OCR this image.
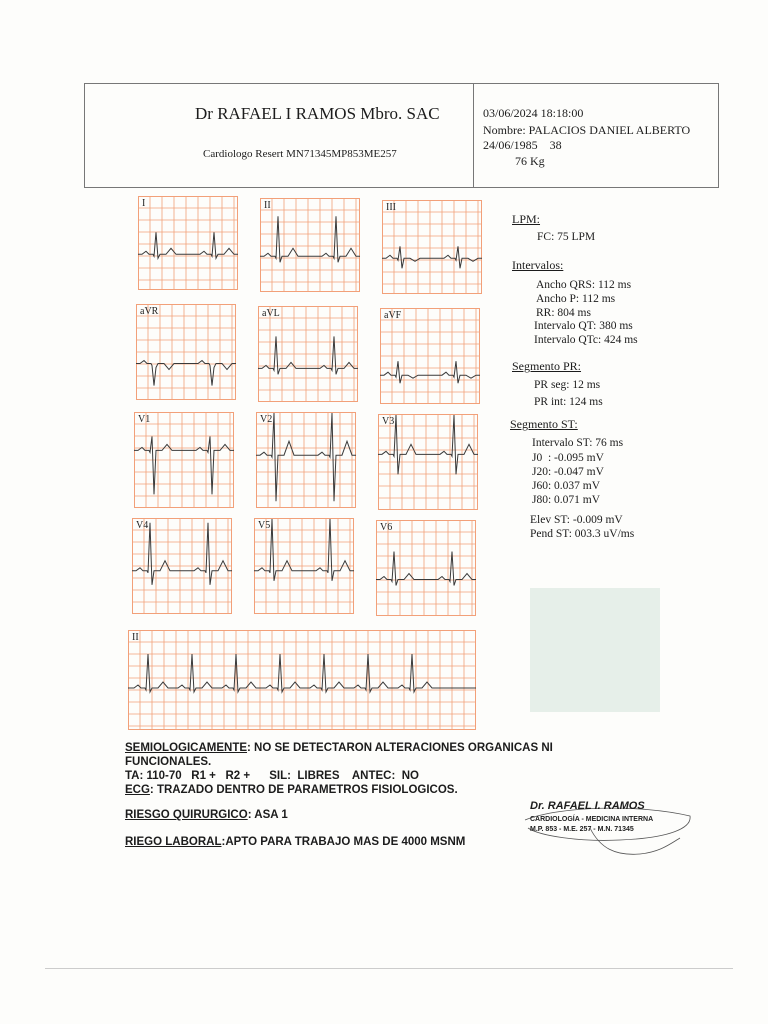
Dr RAFAEL I RAMOS Mbro. SAC
Cardiologo Resert MN71345MP853ME257
03/06/2024 18:18:00
Nombre: PALACIOS DANIEL ALBERTO
24/06/1985    38
76 Kg
I	II	III
aVR	aVL	aVF
V1	V2	V3
V4	V5	V6
II
LPM:
FC: 75 LPM
Intervalos:
Ancho QRS: 112 ms
Ancho P: 112 ms
RR: 804 ms
Intervalo QT: 380 ms
Intervalo QTc: 424 ms
Segmento PR:
PR seg: 12 ms
PR int: 124 ms
Segmento ST:
Intervalo ST: 76 ms
J0  : -0.095 mV
J20: -0.047 mV
J60: 0.037 mV
J80: 0.071 mV
Elev ST: -0.009 mV
Pend ST: 003.3 uV/ms
SEMIOLOGICAMENTE: NO SE DETECTARON ALTERACIONES ORGANICAS NI
FUNCIONALES.
TA: 110-70   R1 +   R2 +      SIL:  LIBRES    ANTEC:  NO
ECG: TRAZADO DENTRO DE PARAMETROS FISIOLOGICOS.
RIESGO QUIRURGICO: ASA 1
RIEGO LABORAL:APTO PARA TRABAJO MAS DE 4000 MSNM
Dr. RAFAEL I. RAMOS
CARDIOLOGÍA - MEDICINA INTERNA
M.P. 853 - M.E. 257 - M.N. 71345
